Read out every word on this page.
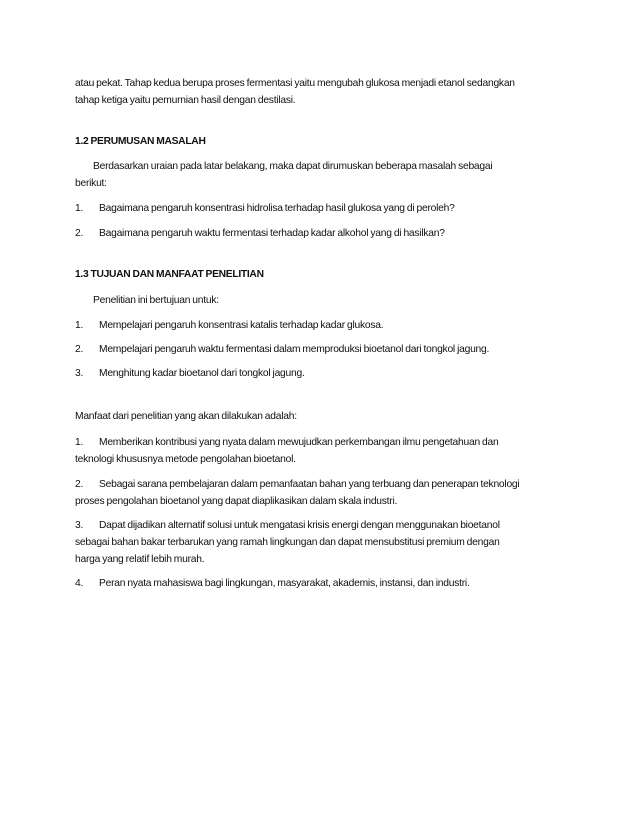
atau pekat. Tahap kedua berupa proses fermentasi yaitu mengubah glukosa menjadi etanol sedangkan
tahap ketiga yaitu pemurnian hasil dengan destilasi.
1.2 PERUMUSAN MASALAH
Berdasarkan uraian pada latar belakang, maka dapat dirumuskan beberapa masalah sebagai
berikut:
1. Bagaimana pengaruh konsentrasi hidrolisa terhadap hasil glukosa yang di peroleh?
2. Bagaimana pengaruh waktu fermentasi terhadap kadar alkohol yang di hasilkan?
1.3 TUJUAN DAN MANFAAT PENELITIAN
Penelitian ini bertujuan untuk:
1. Mempelajari pengaruh konsentrasi katalis terhadap kadar glukosa.
2. Mempelajari pengaruh waktu fermentasi dalam memproduksi bioetanol dari tongkol jagung.
3. Menghitung kadar bioetanol dari tongkol jagung.
Manfaat dari penelitian yang akan dilakukan adalah:
1. Memberikan kontribusi yang nyata dalam mewujudkan perkembangan ilmu pengetahuan dan
teknologi khususnya metode pengolahan bioetanol.
2. Sebagai sarana pembelajaran dalam pemanfaatan bahan yang terbuang dan penerapan teknologi
proses pengolahan bioetanol yang dapat diaplikasikan dalam skala industri.
3. Dapat dijadikan alternatif solusi untuk mengatasi krisis energi dengan menggunakan bioetanol
sebagai bahan bakar terbarukan yang ramah lingkungan dan dapat mensubstitusi premium dengan
harga yang relatif lebih murah.
4. Peran nyata mahasiswa bagi lingkungan, masyarakat, akademis, instansi, dan industri.
